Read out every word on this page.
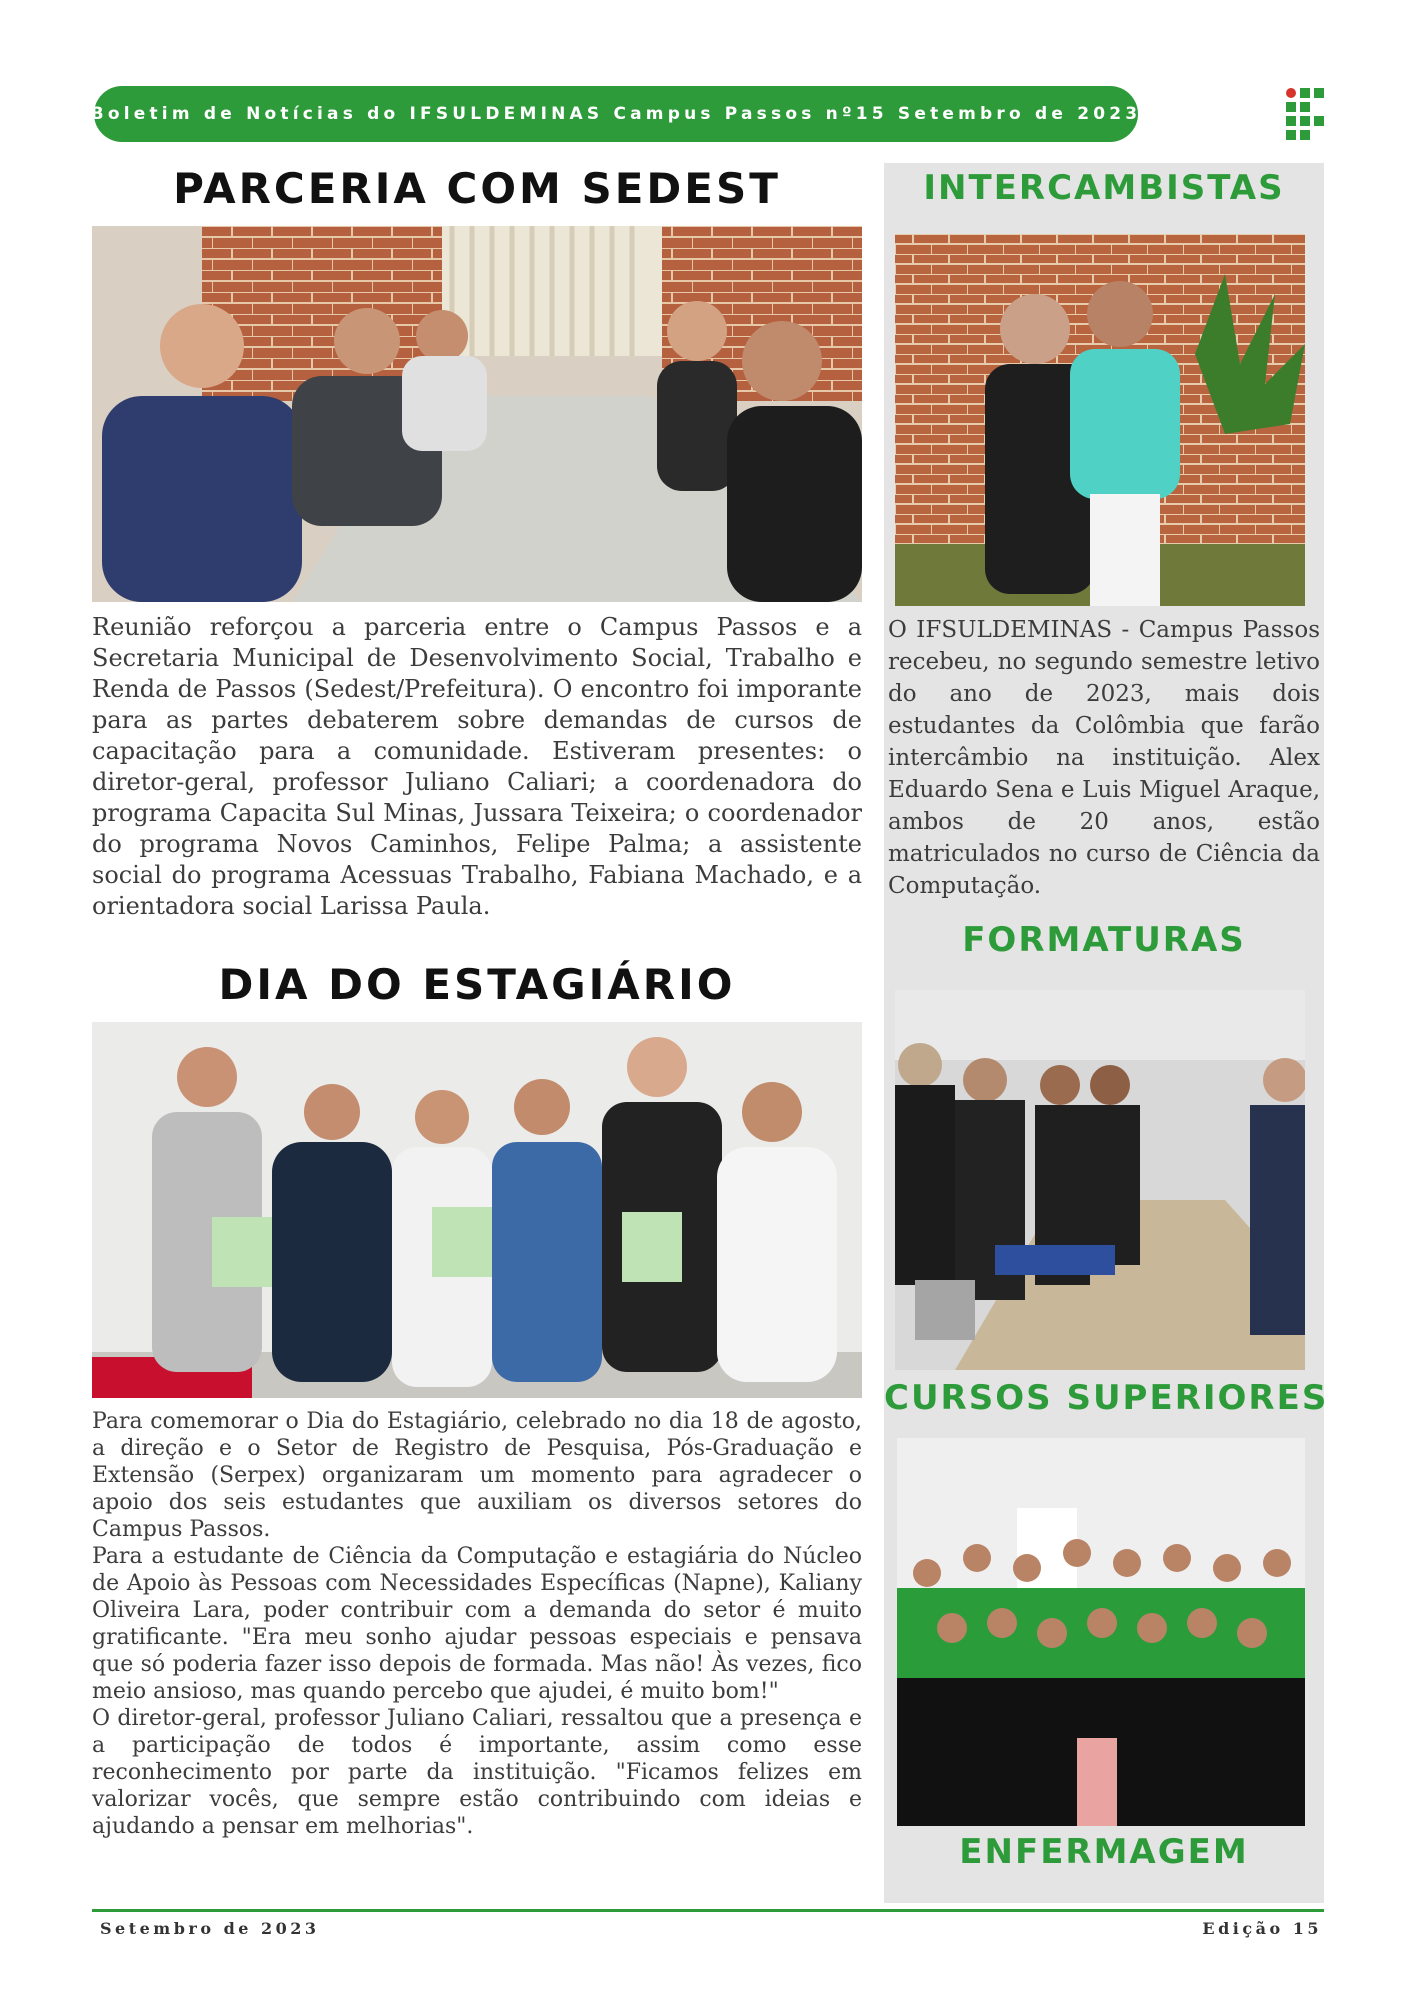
Boletim de Notícias do IFSULDEMINAS Campus Passos nº15 Setembro de 2023
PARCERIA COM SEDEST
Reunião reforçou a parceria entre o Campus Passos e a Secretaria Municipal de Desenvolvimento Social, Trabalho e Renda de Passos (Sedest/Prefeitura). O encontro foi imporante para as partes debaterem sobre demandas de cursos de capacitação para a comunidade. Estiveram presentes: o diretor-geral, professor Juliano Caliari; a coordenadora do programa Capacita Sul Minas, Jussara Teixeira; o coordenador do programa Novos Caminhos, Felipe Palma; a assistente social do programa Acessuas Trabalho, Fabiana Machado, e a orientadora social Larissa Paula.
DIA DO ESTAGIÁRIO

Para comemorar o Dia do Estagiário, celebrado no dia 18 de agosto, a direção e o Setor de Registro de Pesquisa, Pós-Graduação e Extensão (Serpex) organizaram um momento para agradecer o apoio dos seis estudantes que auxiliam os diversos setores do Campus Passos.

Para a estudante de Ciência da Computação e estagiária do Núcleo de Apoio às Pessoas com Necessidades Específicas (Napne), Kaliany Oliveira Lara, poder contribuir com a demanda do setor é muito gratificante. "Era meu sonho ajudar pessoas especiais e pensava que só poderia fazer isso depois de formada. Mas não! Às vezes, fico meio ansioso, mas quando percebo que ajudei, é muito bom!"

O diretor-geral, professor Juliano Caliari, ressaltou que a presença e a participação de todos é importante, assim como esse reconhecimento por parte da instituição. "Ficamos felizes em valorizar vocês, que sempre estão contribuindo com ideias e ajudando a pensar em melhorias".

INTERCAMBISTAS
O IFSULDEMINAS - Campus Passos recebeu, no segundo semestre letivo do ano de 2023, mais dois estudantes da Colômbia que farão intercâmbio na instituição. Alex Eduardo Sena e Luis Miguel Araque, ambos de 20 anos, estão matriculados no curso de Ciência da Computação.
FORMATURAS
CURSOS SUPERIORES
ENFERMAGEM
Setembro de 2023	Edição 15
